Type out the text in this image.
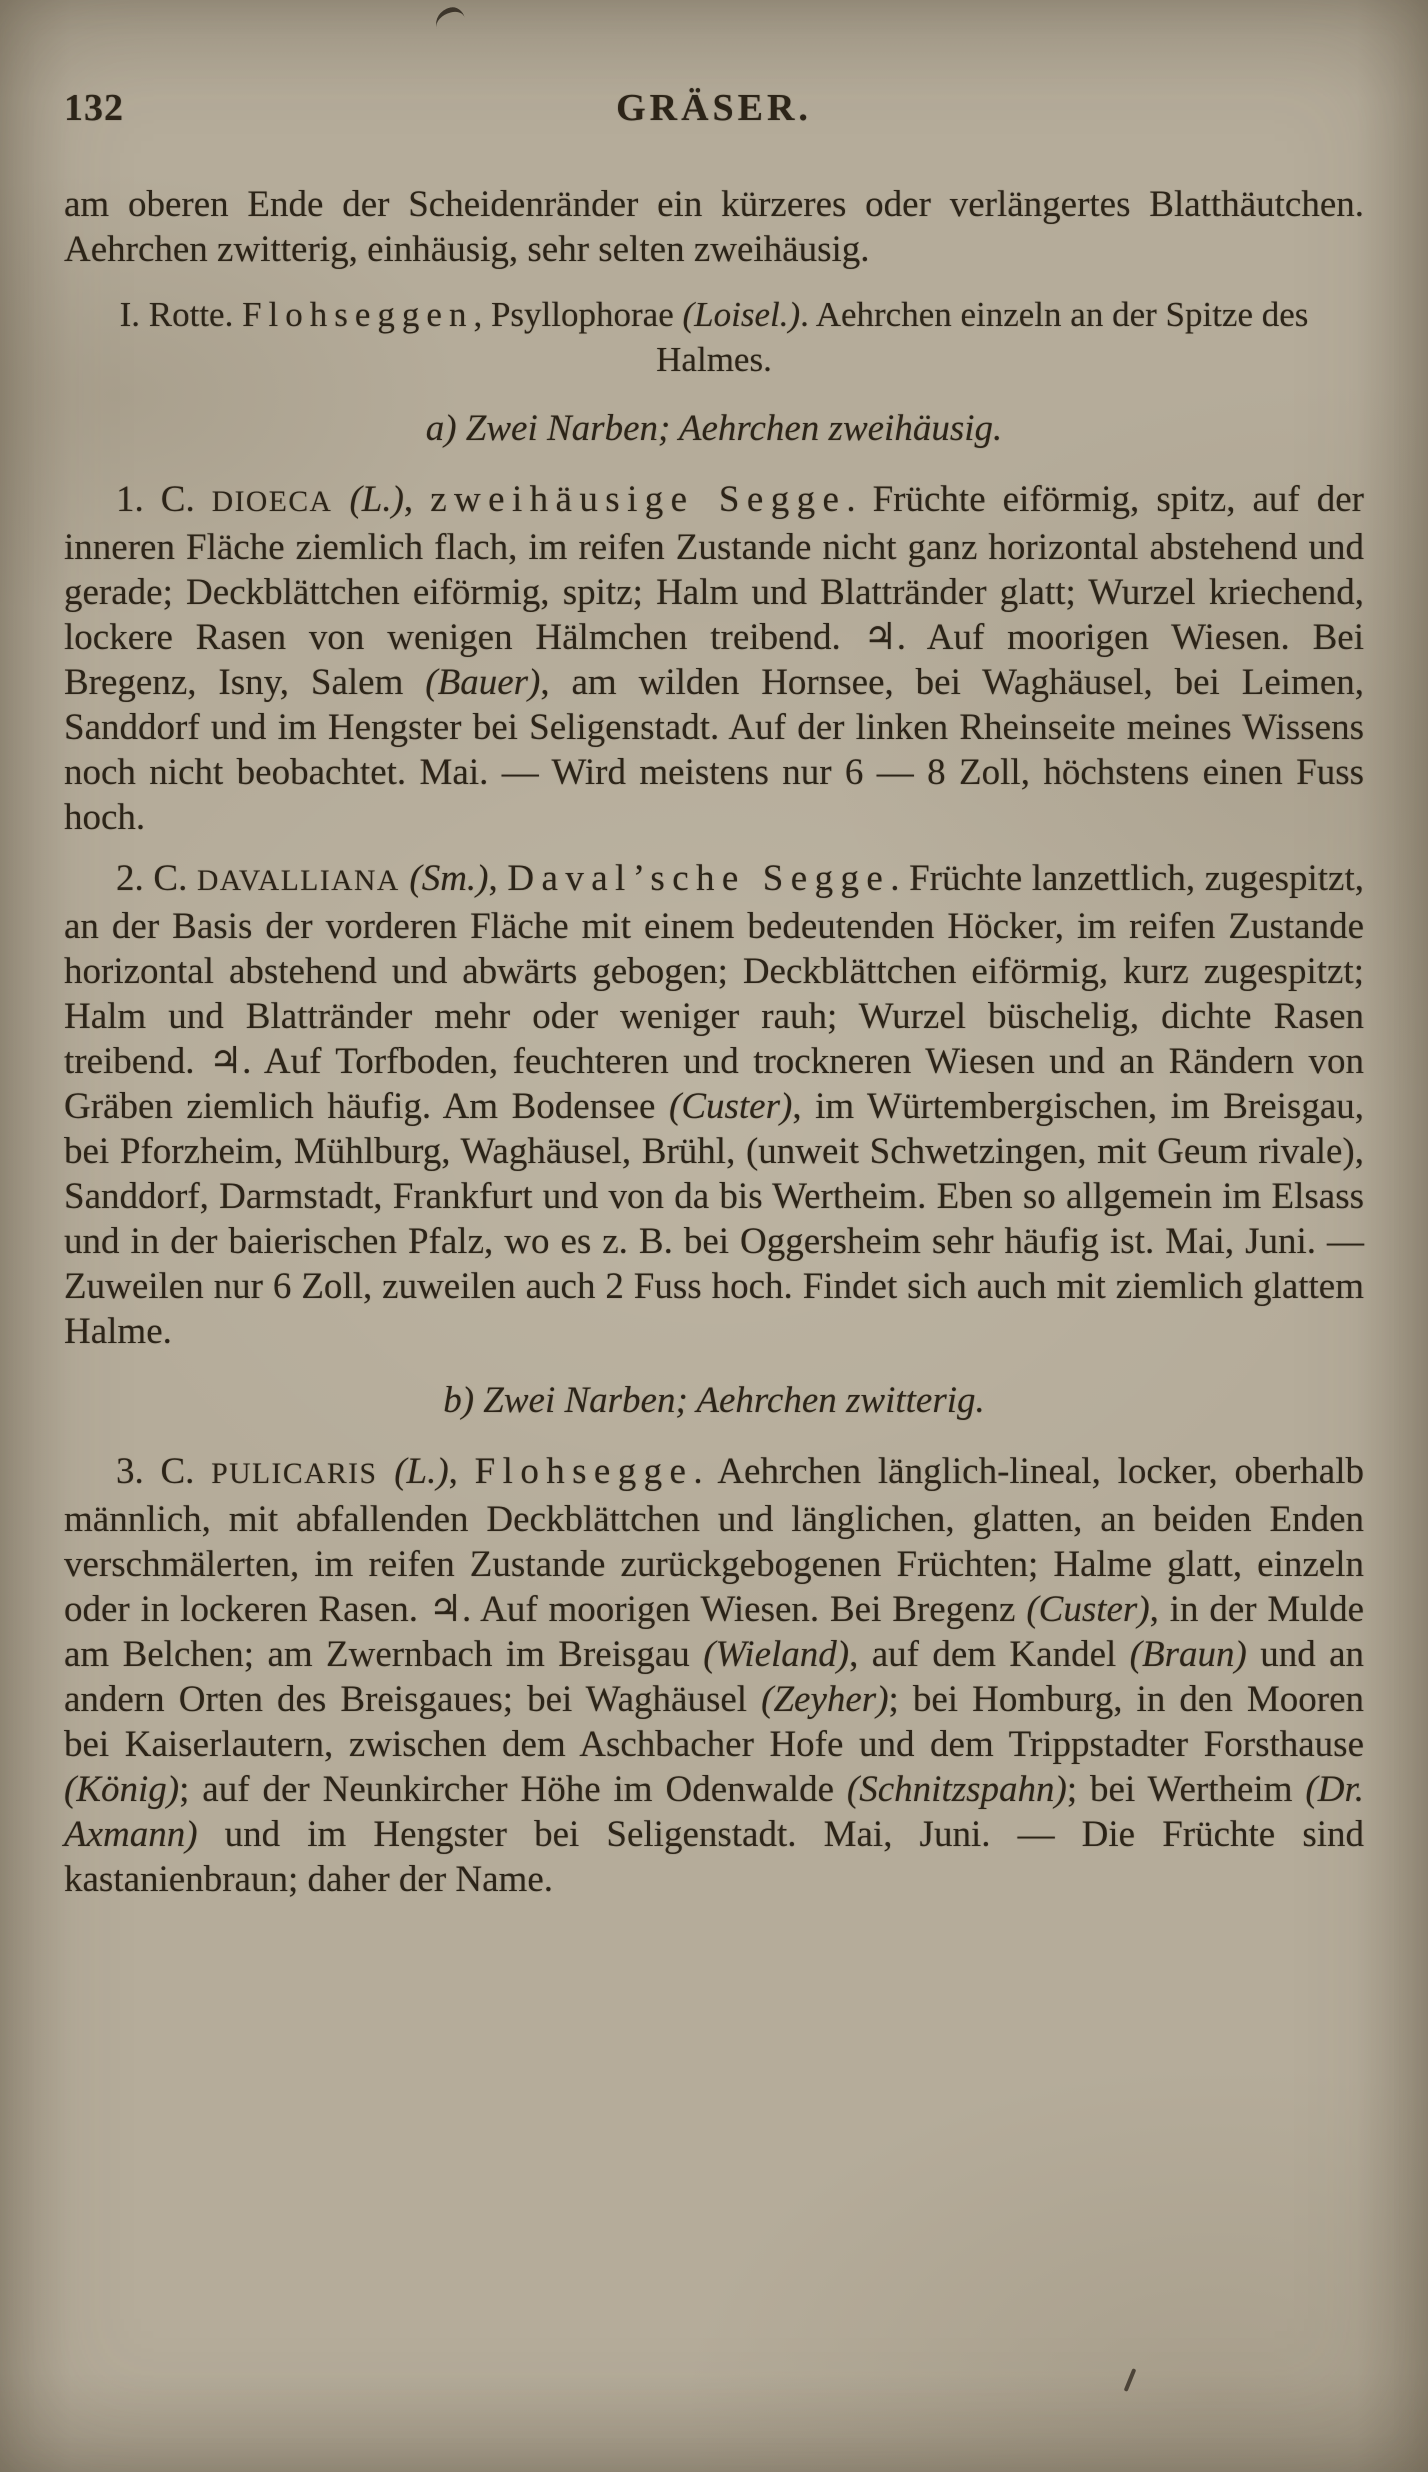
132	GRÄSER.

am oberen Ende der Scheidenränder ein kürzeres oder verlängertes Blatthäutchen. Aehrchen zwitterig, einhäusig, sehr selten zweihäusig.

I. Rotte. Flohseggen, Psyllophorae (Loisel.). Aehrchen einzeln an der Spitze des Halmes.

a) Zwei Narben; Aehrchen zweihäusig.

1. C. DIOECA (L.), zweihäusige Segge. Früchte eiförmig, spitz, auf der inneren Fläche ziemlich flach, im reifen Zustande nicht ganz horizontal abstehend und gerade; Deckblättchen eiförmig, spitz; Halm und Blattränder glatt; Wurzel kriechend, lockere Rasen von wenigen Hälmchen treibend. ♃. Auf moorigen Wiesen. Bei Bregenz, Isny, Salem (Bauer), am wilden Hornsee, bei Waghäusel, bei Leimen, Sanddorf und im Hengster bei Seligenstadt. Auf der linken Rheinseite meines Wissens noch nicht beobachtet. Mai. — Wird meistens nur 6 — 8 Zoll, höchstens einen Fuss hoch.

2. C. DAVALLIANA (Sm.), Daval’sche Segge. Früchte lanzettlich, zugespitzt, an der Basis der vorderen Fläche mit einem bedeutenden Höcker, im reifen Zustande horizontal abstehend und abwärts gebogen; Deckblättchen eiförmig, kurz zugespitzt; Halm und Blattränder mehr oder weniger rauh; Wurzel büschelig, dichte Rasen treibend. ♃. Auf Torfboden, feuchteren und trockneren Wiesen und an Rändern von Gräben ziemlich häufig. Am Bodensee (Custer), im Würtembergischen, im Breisgau, bei Pforzheim, Mühlburg, Waghäusel, Brühl, (unweit Schwetzingen, mit Geum rivale), Sanddorf, Darmstadt, Frankfurt und von da bis Wertheim. Eben so allgemein im Elsass und in der baierischen Pfalz, wo es z. B. bei Oggersheim sehr häufig ist. Mai, Juni. — Zuweilen nur 6 Zoll, zuweilen auch 2 Fuss hoch. Findet sich auch mit ziemlich glattem Halme.

b) Zwei Narben; Aehrchen zwitterig.

3. C. PULICARIS (L.), Flohsegge. Aehrchen länglich-lineal, locker, oberhalb männlich, mit abfallenden Deckblättchen und länglichen, glatten, an beiden Enden verschmälerten, im reifen Zustande zurückgebogenen Früchten; Halme glatt, einzeln oder in lockeren Rasen. ♃. Auf moorigen Wiesen. Bei Bregenz (Custer), in der Mulde am Belchen; am Zwernbach im Breisgau (Wieland), auf dem Kandel (Braun) und an andern Orten des Breisgaues; bei Waghäusel (Zeyher); bei Homburg, in den Mooren bei Kaiserlautern, zwischen dem Aschbacher Hofe und dem Trippstadter Forsthause (König); auf der Neunkircher Höhe im Odenwalde (Schnitzspahn); bei Wertheim (Dr. Axmann) und im Hengster bei Seligenstadt. Mai, Juni. — Die Früchte sind kastanienbraun; daher der Name.
